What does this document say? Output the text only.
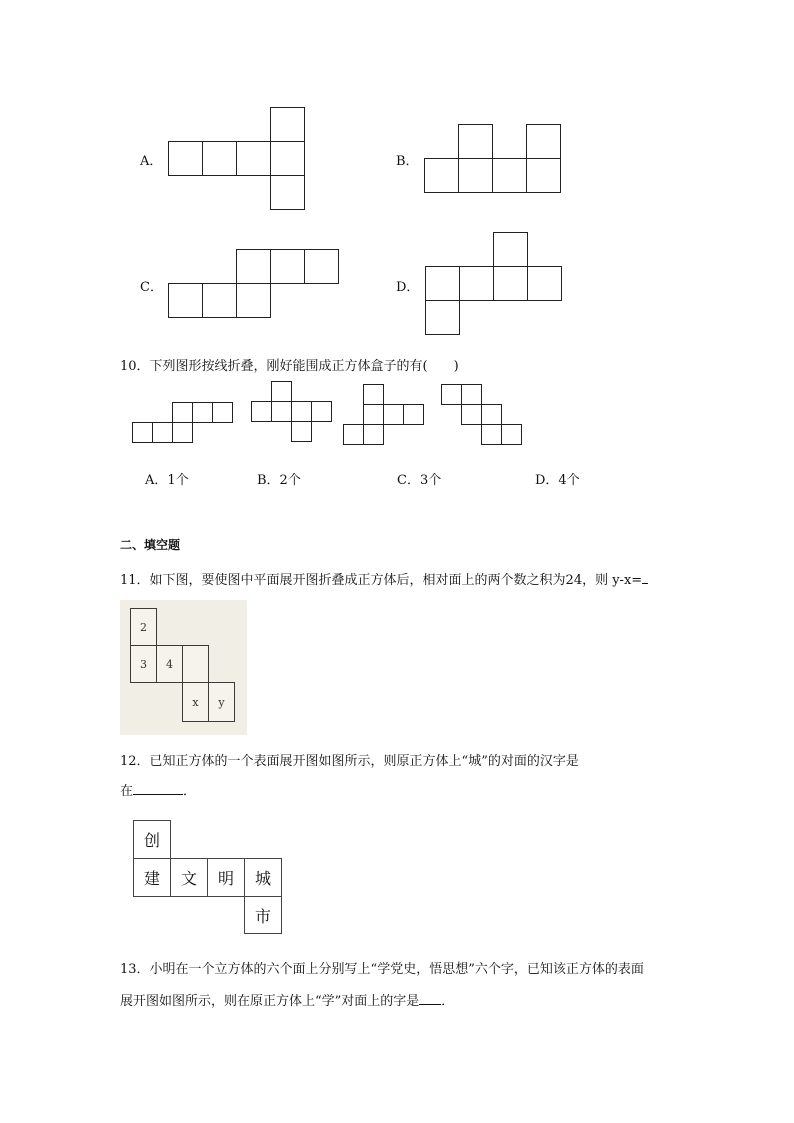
A．	B．
C．	D．
10．下列图形按线折叠，刚好能围成正方体盒子的有(　　)
A．1个	B．2个	C．3个	D．4个
二、填空题
11．如下图，要使图中平面展开图折叠成正方体后，相对面上的两个数之积为24，则 y-x=
2
3	4
x	y
12．已知正方体的一个表面展开图如图所示，则原正方体上“城”的对面的汉字是
在	．
创
建	文	明	城
市
13．小明在一个立方体的六个面上分别写上“学党史，悟思想”六个字，已知该正方体的表面
展开图如图所示，则在原正方体上“学”对面上的字是 ．
